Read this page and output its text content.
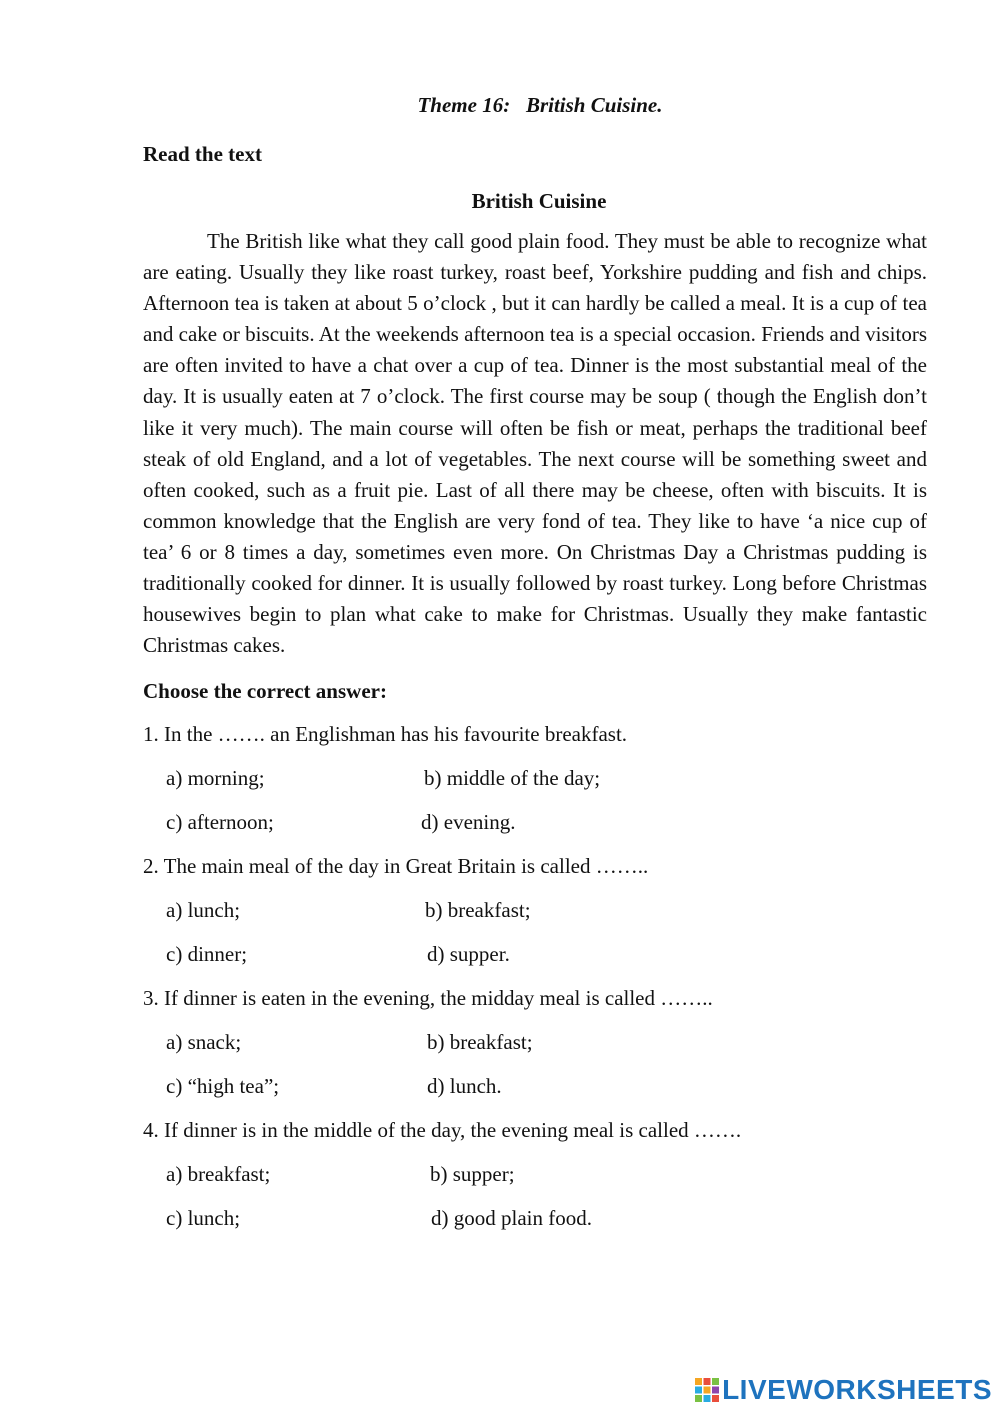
Theme 16:   British Cuisine.
Read the text
British Cuisine

The British like what they call good plain food. They must be able to recognize what are eating. Usually they like roast turkey, roast beef, Yorkshire pudding and fish and chips. Afternoon tea is taken at about 5 o’clock , but it can hardly be called a meal. It is a cup of tea and cake or biscuits. At the weekends afternoon tea is a special occasion. Friends and visitors are often invited to have a chat over a cup of tea. Dinner is the most substantial meal of the day. It is usually eaten at 7 o’clock. The first course may be soup ( though the English don’t like it very much). The main course will often be fish or meat, perhaps the traditional beef steak of old England, and a lot of vegetables. The next course will be something sweet and often cooked, such as a fruit pie. Last of all there may be cheese, often with biscuits. It is common knowledge that the English are very fond of tea. They like to have ‘a nice cup of tea’ 6 or 8 times a day, sometimes even more. On Christmas Day a Christmas pudding is traditionally cooked for dinner. It is usually followed by roast turkey. Long before Christmas housewives begin to plan what cake to make for Christmas. Usually they make fantastic Christmas cakes.

Choose the correct answer:
1. In the ……. an Englishman has his favourite breakfast.
a) morning;	b) middle of the day;
c) afternoon;	d) evening.
2. The main meal of the day in Great Britain is called ……..
a) lunch;	b) breakfast;
c) dinner;	d) supper.
3. If dinner is eaten in the evening, the midday meal is called ……..
a) snack;	b) breakfast;
c) “high tea”;	d) lunch.
4. If dinner is in the middle of the day, the evening meal is called …….
a) breakfast;	b) supper;
c) lunch;	d) good plain food.
LIVEWORKSHEETS
